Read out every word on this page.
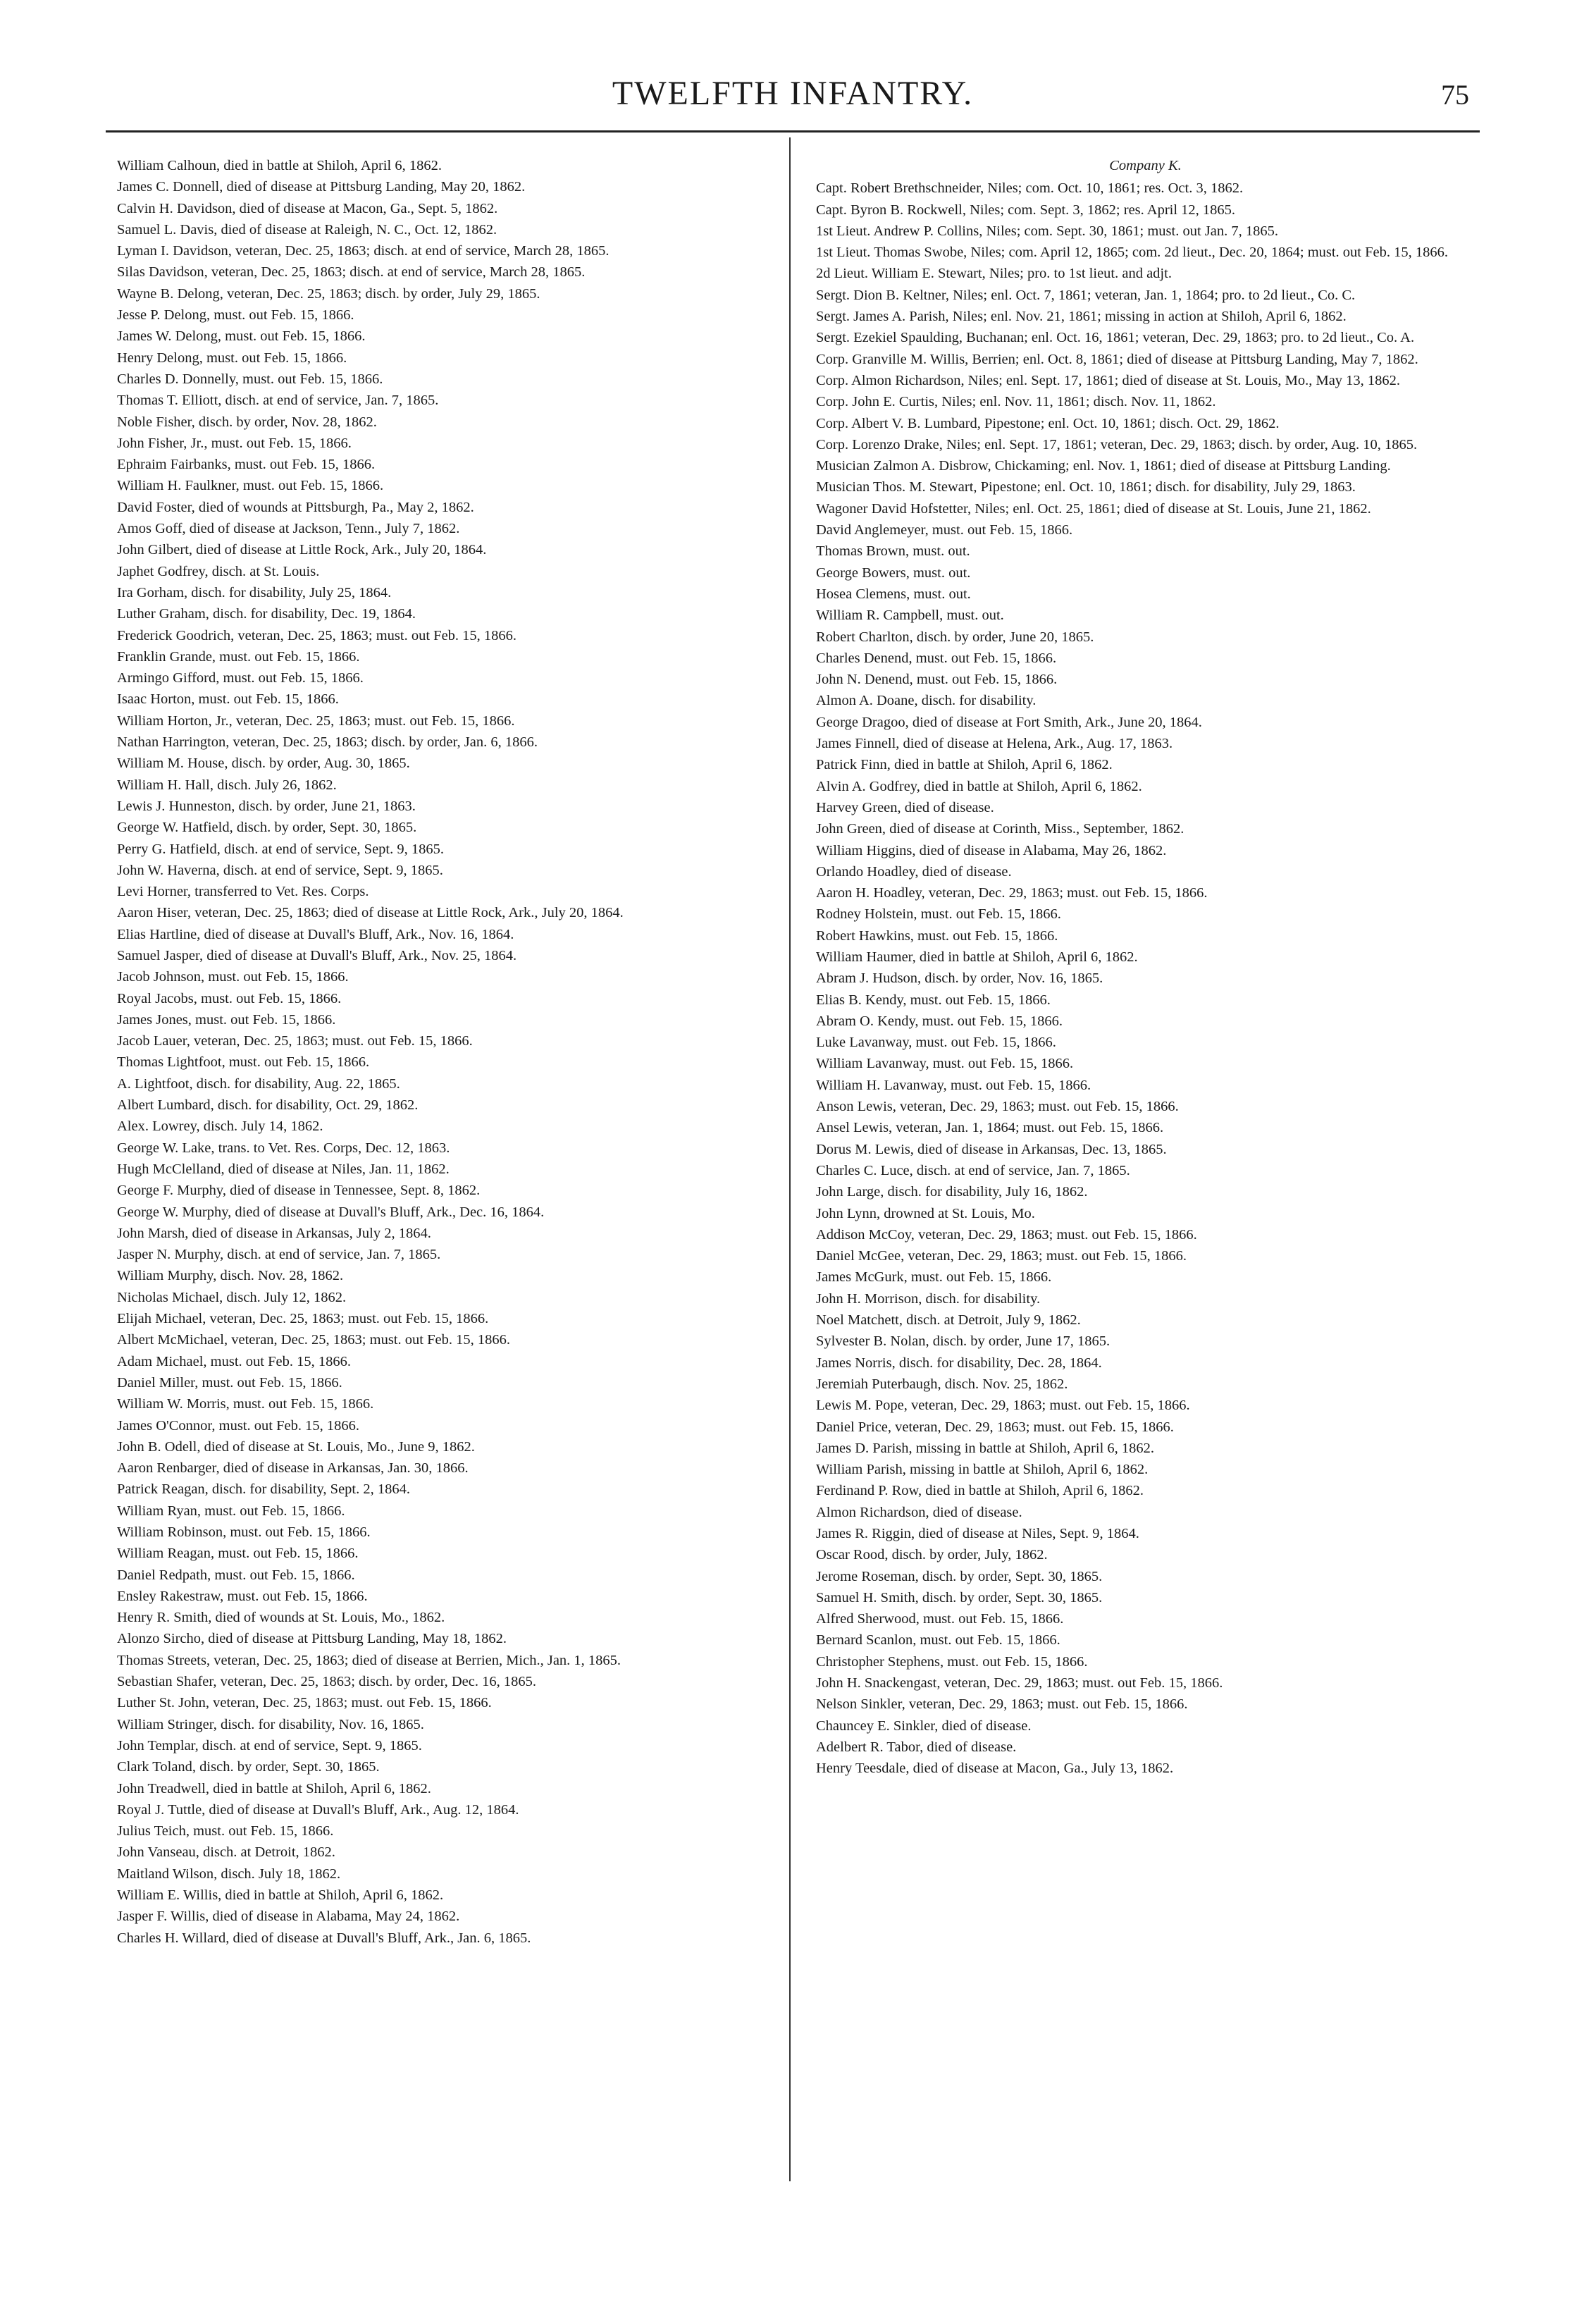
TWELFTH INFANTRY.	75

William Calhoun, died in battle at Shiloh, April 6, 1862.

James C. Donnell, died of disease at Pittsburg Landing, May 20, 1862.

Calvin H. Davidson, died of disease at Macon, Ga., Sept. 5, 1862.

Samuel L. Davis, died of disease at Raleigh, N. C., Oct. 12, 1862.

Lyman I. Davidson, veteran, Dec. 25, 1863; disch. at end of service, March 28, 1865.

Silas Davidson, veteran, Dec. 25, 1863; disch. at end of service, March 28, 1865.

Wayne B. Delong, veteran, Dec. 25, 1863; disch. by order, July 29, 1865.

Jesse P. Delong, must. out Feb. 15, 1866.

James W. Delong, must. out Feb. 15, 1866.

Henry Delong, must. out Feb. 15, 1866.

Charles D. Donnelly, must. out Feb. 15, 1866.

Thomas T. Elliott, disch. at end of service, Jan. 7, 1865.

Noble Fisher, disch. by order, Nov. 28, 1862.

John Fisher, Jr., must. out Feb. 15, 1866.

Ephraim Fairbanks, must. out Feb. 15, 1866.

William H. Faulkner, must. out Feb. 15, 1866.

David Foster, died of wounds at Pittsburgh, Pa., May 2, 1862.

Amos Goff, died of disease at Jackson, Tenn., July 7, 1862.

John Gilbert, died of disease at Little Rock, Ark., July 20, 1864.

Japhet Godfrey, disch. at St. Louis.

Ira Gorham, disch. for disability, July 25, 1864.

Luther Graham, disch. for disability, Dec. 19, 1864.

Frederick Goodrich, veteran, Dec. 25, 1863; must. out Feb. 15, 1866.

Franklin Grande, must. out Feb. 15, 1866.

Armingo Gifford, must. out Feb. 15, 1866.

Isaac Horton, must. out Feb. 15, 1866.

William Horton, Jr., veteran, Dec. 25, 1863; must. out Feb. 15, 1866.

Nathan Harrington, veteran, Dec. 25, 1863; disch. by order, Jan. 6, 1866.

William M. House, disch. by order, Aug. 30, 1865.

William H. Hall, disch. July 26, 1862.

Lewis J. Hunneston, disch. by order, June 21, 1863.

George W. Hatfield, disch. by order, Sept. 30, 1865.

Perry G. Hatfield, disch. at end of service, Sept. 9, 1865.

John W. Haverna, disch. at end of service, Sept. 9, 1865.

Levi Horner, transferred to Vet. Res. Corps.

Aaron Hiser, veteran, Dec. 25, 1863; died of disease at Little Rock, Ark., July 20, 1864.

Elias Hartline, died of disease at Duvall's Bluff, Ark., Nov. 16, 1864.

Samuel Jasper, died of disease at Duvall's Bluff, Ark., Nov. 25, 1864.

Jacob Johnson, must. out Feb. 15, 1866.

Royal Jacobs, must. out Feb. 15, 1866.

James Jones, must. out Feb. 15, 1866.

Jacob Lauer, veteran, Dec. 25, 1863; must. out Feb. 15, 1866.

Thomas Lightfoot, must. out Feb. 15, 1866.

A. Lightfoot, disch. for disability, Aug. 22, 1865.

Albert Lumbard, disch. for disability, Oct. 29, 1862.

Alex. Lowrey, disch. July 14, 1862.

George W. Lake, trans. to Vet. Res. Corps, Dec. 12, 1863.

Hugh McClelland, died of disease at Niles, Jan. 11, 1862.

George F. Murphy, died of disease in Tennessee, Sept. 8, 1862.

George W. Murphy, died of disease at Duvall's Bluff, Ark., Dec. 16, 1864.

John Marsh, died of disease in Arkansas, July 2, 1864.

Jasper N. Murphy, disch. at end of service, Jan. 7, 1865.

William Murphy, disch. Nov. 28, 1862.

Nicholas Michael, disch. July 12, 1862.

Elijah Michael, veteran, Dec. 25, 1863; must. out Feb. 15, 1866.

Albert McMichael, veteran, Dec. 25, 1863; must. out Feb. 15, 1866.

Adam Michael, must. out Feb. 15, 1866.

Daniel Miller, must. out Feb. 15, 1866.

William W. Morris, must. out Feb. 15, 1866.

James O'Connor, must. out Feb. 15, 1866.

John B. Odell, died of disease at St. Louis, Mo., June 9, 1862.

Aaron Renbarger, died of disease in Arkansas, Jan. 30, 1866.

Patrick Reagan, disch. for disability, Sept. 2, 1864.

William Ryan, must. out Feb. 15, 1866.

William Robinson, must. out Feb. 15, 1866.

William Reagan, must. out Feb. 15, 1866.

Daniel Redpath, must. out Feb. 15, 1866.

Ensley Rakestraw, must. out Feb. 15, 1866.

Henry R. Smith, died of wounds at St. Louis, Mo., 1862.

Alonzo Sircho, died of disease at Pittsburg Landing, May 18, 1862.

Thomas Streets, veteran, Dec. 25, 1863; died of disease at Berrien, Mich., Jan. 1, 1865.

Sebastian Shafer, veteran, Dec. 25, 1863; disch. by order, Dec. 16, 1865.

Luther St. John, veteran, Dec. 25, 1863; must. out Feb. 15, 1866.

William Stringer, disch. for disability, Nov. 16, 1865.

John Templar, disch. at end of service, Sept. 9, 1865.

Clark Toland, disch. by order, Sept. 30, 1865.

John Treadwell, died in battle at Shiloh, April 6, 1862.

Royal J. Tuttle, died of disease at Duvall's Bluff, Ark., Aug. 12, 1864.

Julius Teich, must. out Feb. 15, 1866.

John Vanseau, disch. at Detroit, 1862.

Maitland Wilson, disch. July 18, 1862.

William E. Willis, died in battle at Shiloh, April 6, 1862.

Jasper F. Willis, died of disease in Alabama, May 24, 1862.

Charles H. Willard, died of disease at Duvall's Bluff, Ark., Jan. 6, 1865.

Company K.

Capt. Robert Brethschneider, Niles; com. Oct. 10, 1861; res. Oct. 3, 1862.

Capt. Byron B. Rockwell, Niles; com. Sept. 3, 1862; res. April 12, 1865.

1st Lieut. Andrew P. Collins, Niles; com. Sept. 30, 1861; must. out Jan. 7, 1865.

1st Lieut. Thomas Swobe, Niles; com. April 12, 1865; com. 2d lieut., Dec. 20, 1864; must. out Feb. 15, 1866.

2d Lieut. William E. Stewart, Niles; pro. to 1st lieut. and adjt.

Sergt. Dion B. Keltner, Niles; enl. Oct. 7, 1861; veteran, Jan. 1, 1864; pro. to 2d lieut., Co. C.

Sergt. James A. Parish, Niles; enl. Nov. 21, 1861; missing in action at Shiloh, April 6, 1862.

Sergt. Ezekiel Spaulding, Buchanan; enl. Oct. 16, 1861; veteran, Dec. 29, 1863; pro. to 2d lieut., Co. A.

Corp. Granville M. Willis, Berrien; enl. Oct. 8, 1861; died of disease at Pittsburg Landing, May 7, 1862.

Corp. Almon Richardson, Niles; enl. Sept. 17, 1861; died of disease at St. Louis, Mo., May 13, 1862.

Corp. John E. Curtis, Niles; enl. Nov. 11, 1861; disch. Nov. 11, 1862.

Corp. Albert V. B. Lumbard, Pipestone; enl. Oct. 10, 1861; disch. Oct. 29, 1862.

Corp. Lorenzo Drake, Niles; enl. Sept. 17, 1861; veteran, Dec. 29, 1863; disch. by order, Aug. 10, 1865.

Musician Zalmon A. Disbrow, Chickaming; enl. Nov. 1, 1861; died of disease at Pittsburg Landing.

Musician Thos. M. Stewart, Pipestone; enl. Oct. 10, 1861; disch. for disability, July 29, 1863.

Wagoner David Hofstetter, Niles; enl. Oct. 25, 1861; died of disease at St. Louis, June 21, 1862.

David Anglemeyer, must. out Feb. 15, 1866.

Thomas Brown, must. out.

George Bowers, must. out.

Hosea Clemens, must. out.

William R. Campbell, must. out.

Robert Charlton, disch. by order, June 20, 1865.

Charles Denend, must. out Feb. 15, 1866.

John N. Denend, must. out Feb. 15, 1866.

Almon A. Doane, disch. for disability.

George Dragoo, died of disease at Fort Smith, Ark., June 20, 1864.

James Finnell, died of disease at Helena, Ark., Aug. 17, 1863.

Patrick Finn, died in battle at Shiloh, April 6, 1862.

Alvin A. Godfrey, died in battle at Shiloh, April 6, 1862.

Harvey Green, died of disease.

John Green, died of disease at Corinth, Miss., September, 1862.

William Higgins, died of disease in Alabama, May 26, 1862.

Orlando Hoadley, died of disease.

Aaron H. Hoadley, veteran, Dec. 29, 1863; must. out Feb. 15, 1866.

Rodney Holstein, must. out Feb. 15, 1866.

Robert Hawkins, must. out Feb. 15, 1866.

William Haumer, died in battle at Shiloh, April 6, 1862.

Abram J. Hudson, disch. by order, Nov. 16, 1865.

Elias B. Kendy, must. out Feb. 15, 1866.

Abram O. Kendy, must. out Feb. 15, 1866.

Luke Lavanway, must. out Feb. 15, 1866.

William Lavanway, must. out Feb. 15, 1866.

William H. Lavanway, must. out Feb. 15, 1866.

Anson Lewis, veteran, Dec. 29, 1863; must. out Feb. 15, 1866.

Ansel Lewis, veteran, Jan. 1, 1864; must. out Feb. 15, 1866.

Dorus M. Lewis, died of disease in Arkansas, Dec. 13, 1865.

Charles C. Luce, disch. at end of service, Jan. 7, 1865.

John Large, disch. for disability, July 16, 1862.

John Lynn, drowned at St. Louis, Mo.

Addison McCoy, veteran, Dec. 29, 1863; must. out Feb. 15, 1866.

Daniel McGee, veteran, Dec. 29, 1863; must. out Feb. 15, 1866.

James McGurk, must. out Feb. 15, 1866.

John H. Morrison, disch. for disability.

Noel Matchett, disch. at Detroit, July 9, 1862.

Sylvester B. Nolan, disch. by order, June 17, 1865.

James Norris, disch. for disability, Dec. 28, 1864.

Jeremiah Puterbaugh, disch. Nov. 25, 1862.

Lewis M. Pope, veteran, Dec. 29, 1863; must. out Feb. 15, 1866.

Daniel Price, veteran, Dec. 29, 1863; must. out Feb. 15, 1866.

James D. Parish, missing in battle at Shiloh, April 6, 1862.

William Parish, missing in battle at Shiloh, April 6, 1862.

Ferdinand P. Row, died in battle at Shiloh, April 6, 1862.

Almon Richardson, died of disease.

James R. Riggin, died of disease at Niles, Sept. 9, 1864.

Oscar Rood, disch. by order, July, 1862.

Jerome Roseman, disch. by order, Sept. 30, 1865.

Samuel H. Smith, disch. by order, Sept. 30, 1865.

Alfred Sherwood, must. out Feb. 15, 1866.

Bernard Scanlon, must. out Feb. 15, 1866.

Christopher Stephens, must. out Feb. 15, 1866.

John H. Snackengast, veteran, Dec. 29, 1863; must. out Feb. 15, 1866.

Nelson Sinkler, veteran, Dec. 29, 1863; must. out Feb. 15, 1866.

Chauncey E. Sinkler, died of disease.

Adelbert R. Tabor, died of disease.

Henry Teesdale, died of disease at Macon, Ga., July 13, 1862.
